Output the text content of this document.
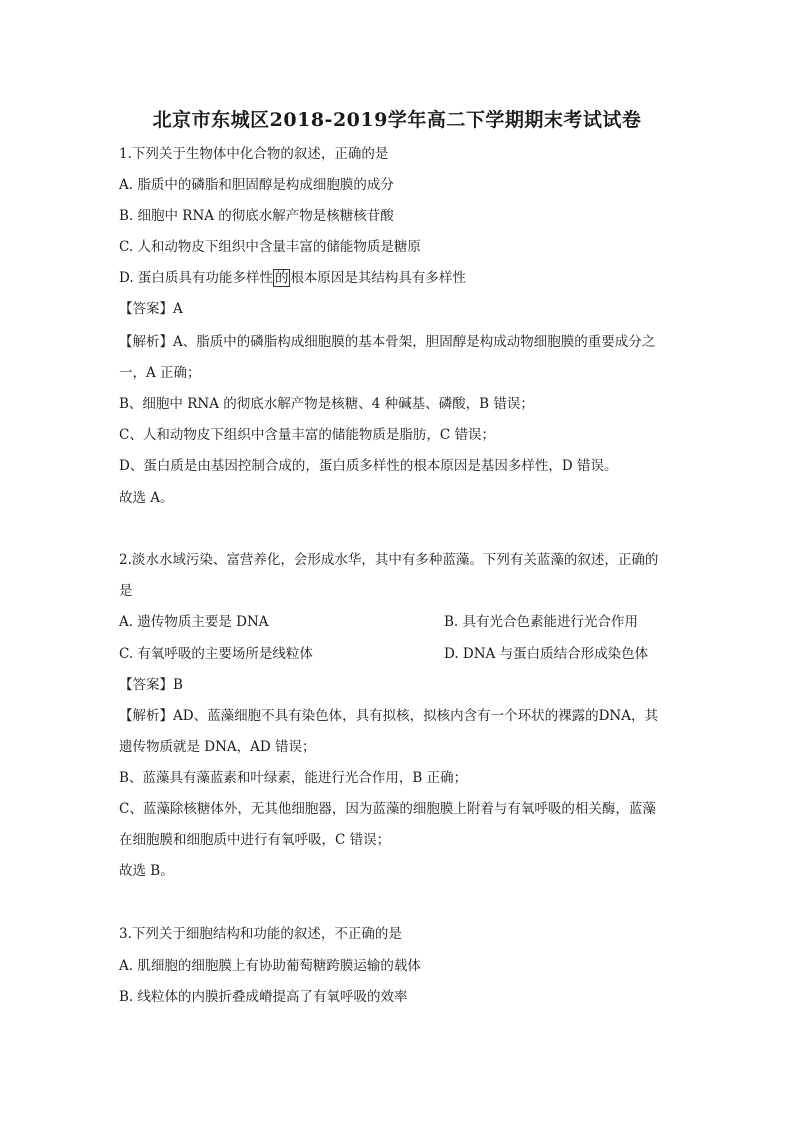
北京市东城区2018-2019学年高二下学期期末考试试卷
1.下列关于生物体中化合物的叙述，正确的是
A. 脂质中的磷脂和胆固醇是构成细胞膜的成分
B. 细胞中 RNA 的彻底水解产物是核糖核苷酸
C. 人和动物皮下组织中含量丰富的储能物质是糖原
D. 蛋白质具有功能多样性 的 根本原因是其结构具有多样性
【答案】A
【解析】A、脂质中的磷脂构成细胞膜的基本骨架，胆固醇是构成动物细胞膜的重要成分之
一，A 正确；
B、细胞中 RNA 的彻底水解产物是核糖、4 种碱基、磷酸，B 错误；
C、人和动物皮下组织中含量丰富的储能物质是脂肪，C 错误；
D、蛋白质是由基因控制合成的，蛋白质多样性的根本原因是基因多样性，D 错误。
故选 A。
2.淡水水域污染、富营养化，会形成水华，其中有多种蓝藻。下列有关蓝藻的叙述，正确的
是
A. 遗传物质主要是 DNA	B. 具有光合色素能进行光合作用
C. 有氧呼吸的主要场所是线粒体	D. DNA 与蛋白质结合形成染色体
【答案】B
【解析】AD、蓝藻细胞不具有染色体，具有拟核，拟核内含有一个环状的裸露的DNA，其
遗传物质就是 DNA，AD 错误；
B、蓝藻具有藻蓝素和叶绿素，能进行光合作用，B 正确；
C、蓝藻除核糖体外，无其他细胞器，因为蓝藻的细胞膜上附着与有氧呼吸的相关酶，蓝藻
在细胞膜和细胞质中进行有氧呼吸，C 错误；
故选 B。
3.下列关于细胞结构和功能的叙述，不正确的是
A. 肌细胞的细胞膜上有协助葡萄糖跨膜运输的载体
B. 线粒体的内膜折叠成嵴提高了有氧呼吸的效率
